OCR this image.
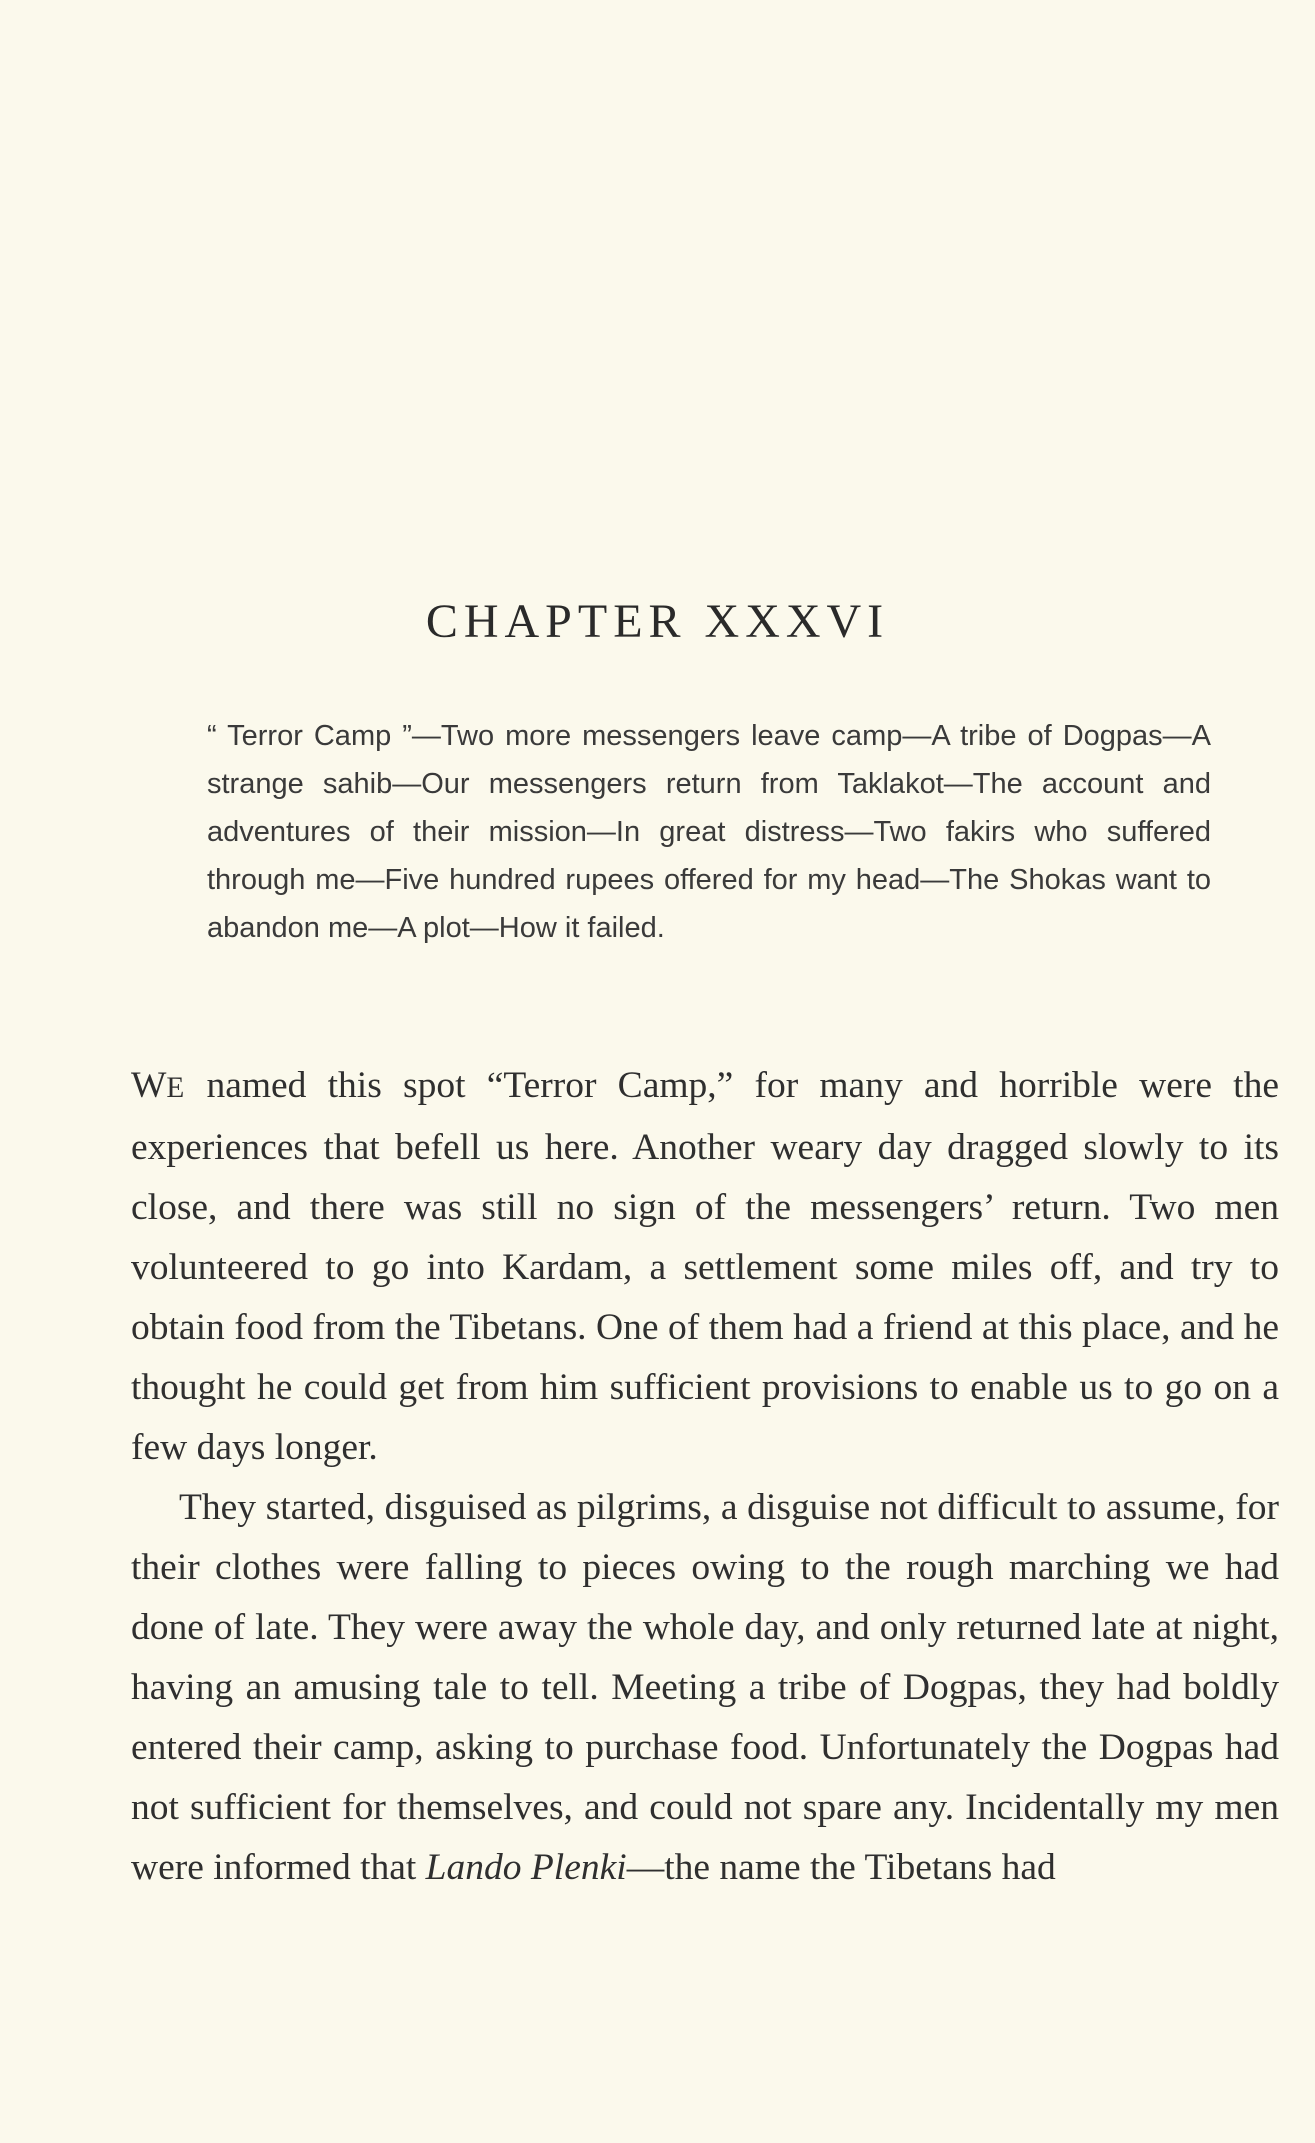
CHAPTER XXXVI

“ Terror Camp ”—Two more messengers leave camp—A tribe of Dogpas—A strange sahib—Our messengers return from Taklakot—The account and adventures of their mission—In great distress—Two fakirs who suffered through me—Five hundred rupees offered for my head—The Shokas want to abandon me—A plot—How it failed.

WE named this spot “Terror Camp,” for many and horrible were the experiences that befell us here. Another weary day dragged slowly to its close, and there was still no sign of the messengers’ return. Two men volunteered to go into Kardam, a settlement some miles off, and try to obtain food from the Tibetans. One of them had a friend at this place, and he thought he could get from him sufficient provisions to enable us to go on a few days longer.

They started, disguised as pilgrims, a disguise not difficult to assume, for their clothes were falling to pieces owing to the rough marching we had done of late. They were away the whole day, and only returned late at night, having an amusing tale to tell. Meeting a tribe of Dogpas, they had boldly entered their camp, asking to purchase food. Unfortunately the Dogpas had not sufficient for themselves, and could not spare any. Incidentally my men were informed that Lando Plenki—the name the Tibetans had
